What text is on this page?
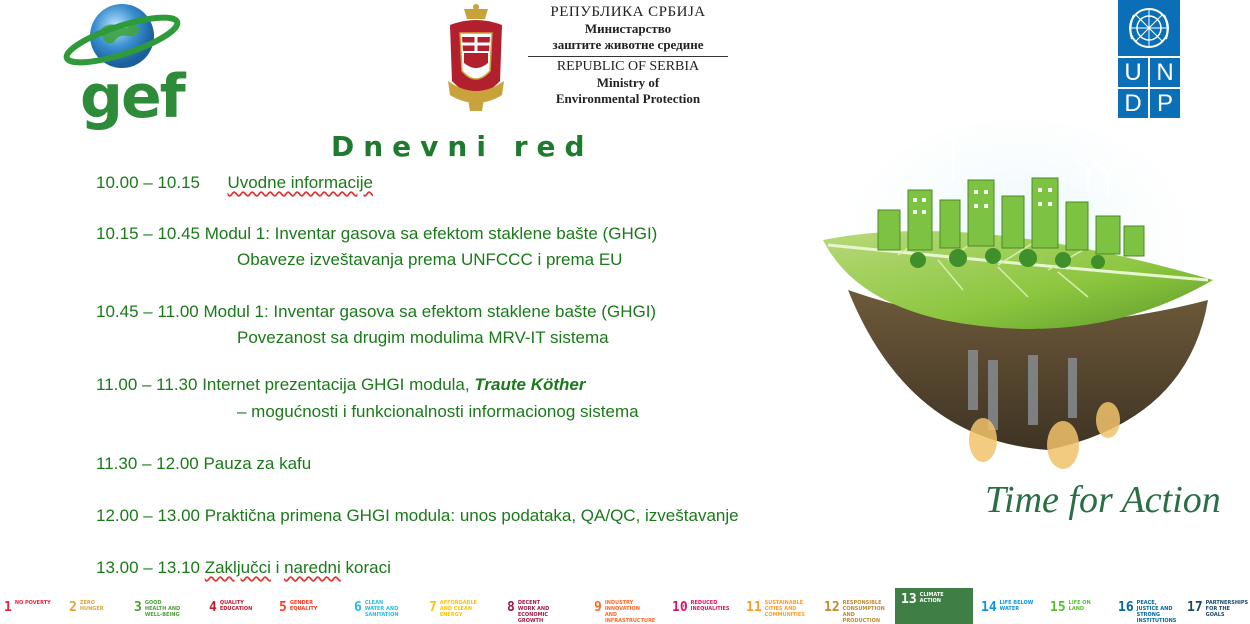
gef
РЕПУБЛИКА СРБИЈА
Министарство
заштите животне средине
REPUBLIC OF SERBIA
Ministry of
Environmental Protection
U N
D P
Dnevni red
10.00 – 10.15 Uvodne informacije
10.15 – 10.45 Modul 1: Inventar gasova sa efektom staklene bašte (GHGI)
Obaveze izveštavanja prema UNFCCC i prema EU
10.45 – 11.00 Modul 1: Inventar gasova sa efektom staklene bašte (GHGI)
Povezanost sa drugim modulima MRV-IT sistema
11.00 – 11.30 Internet prezentacija GHGI modula, Traute Köther
– mogućnosti i funkcionalnosti informacionog sistema
11.30 – 12.00 Pauza za kafu
12.00 – 13.00 Praktična primena GHGI modula: unos podataka, QA/QC, izveštavanje
13.00 – 13.10 Zaključci i naredni koraci
Time for Action
1 NO POVERTY 2 ZERO HUNGER	3 GOOD HEALTH AND WELL-BEING 4 QUALITY EDUCATION	5 GENDER EQUALITY	6 CLEAN WATER AND SANITATION	7 AFFORDABLE AND CLEAN ENERGY	8 DECENT WORK AND ECONOMIC GROWTH
9 INDUSTRY INNOVATION AND INFRASTRUCTURE
10 REDUCED INEQUALITIES 11 SUSTAINABLE CITIES AND COMMUNITIES 12 RESPONSIBLE CONSUMPTION AND PRODUCTION
13 CLIMATE ACTION	14 LIFE BELOW WATER	15 LIFE ON LAND	16 PEACE, JUSTICE AND STRONG INSTITUTIONS
17 PARTNERSHIPS FOR THE GOALS
